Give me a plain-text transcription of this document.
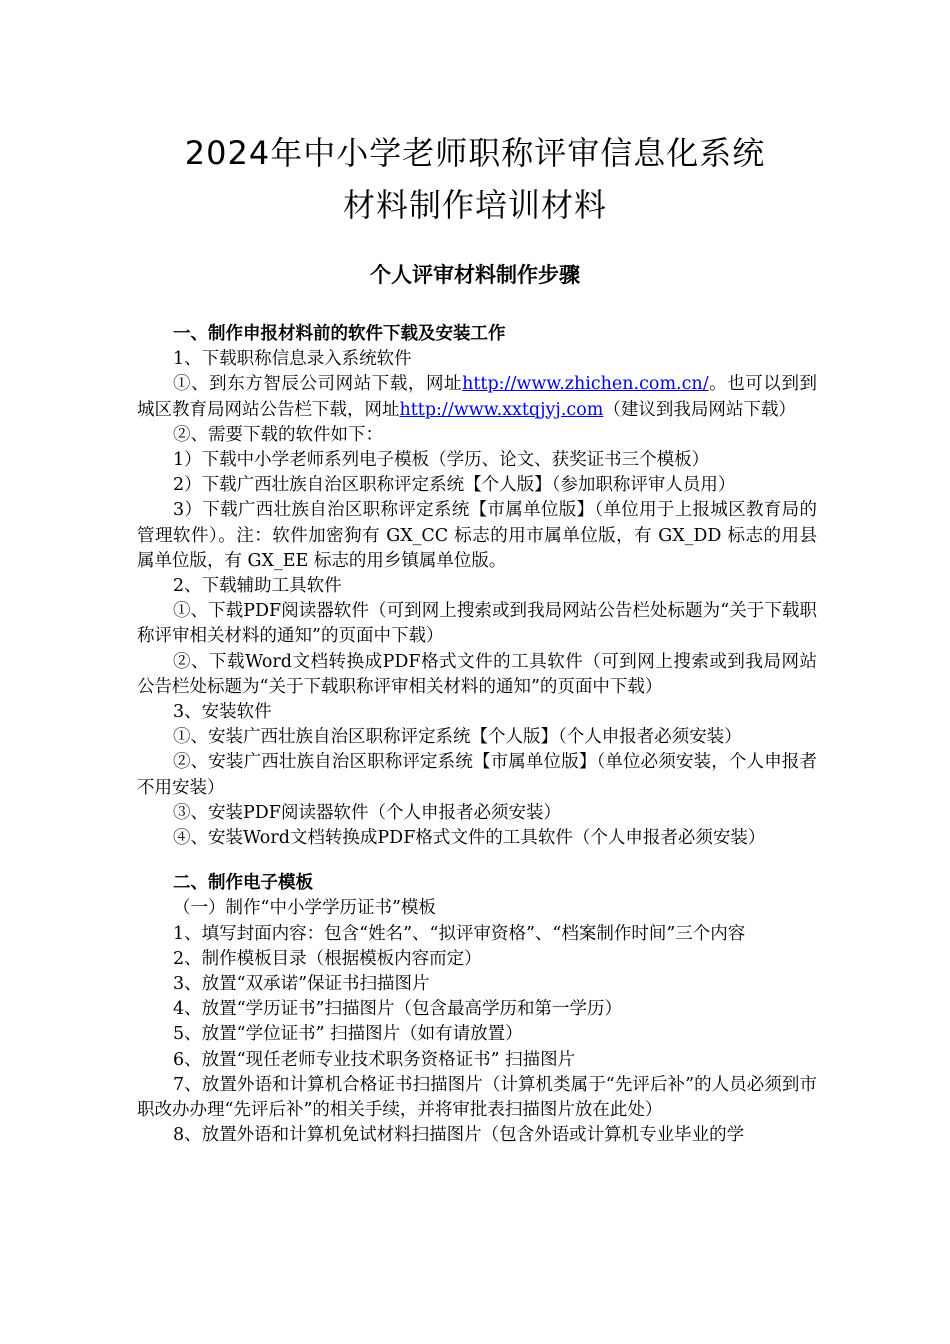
2024年中小学老师职称评审信息化系统
材料制作培训材料
个人评审材料制作步骤

一、制作申报材料前的软件下载及安装工作

1、下载职称信息录入系统软件

①、到东方智辰公司网站下载，网址http://www.zhichen.com.cn/。也可以到到城区教育局网站公告栏下载，网址http://www.xxtqjyj.com（建议到我局网站下载）

②、需要下载的软件如下：

1）下载中小学老师系列电子模板（学历、论文、获奖证书三个模板）

2）下载广西壮族自治区职称评定系统【个人版】（参加职称评审人员用）

3）下载广西壮族自治区职称评定系统【市属单位版】（单位用于上报城区教育局的管理软件）。注：软件加密狗有 GX_CC 标志的用市属单位版，有 GX_DD 标志的用县属单位版，有 GX_EE 标志的用乡镇属单位版。

2、下载辅助工具软件

①、下载PDF阅读器软件（可到网上搜索或到我局网站公告栏处标题为“关于下载职称评审相关材料的通知”的页面中下载）

②、下载Word文档转换成PDF格式文件的工具软件（可到网上搜索或到我局网站公告栏处标题为“关于下载职称评审相关材料的通知”的页面中下载）

3、安装软件

①、安装广西壮族自治区职称评定系统【个人版】（个人申报者必须安装）

②、安装广西壮族自治区职称评定系统【市属单位版】（单位必须安装，个人申报者不用安装）

③、安装PDF阅读器软件（个人申报者必须安装）

④、安装Word文档转换成PDF格式文件的工具软件（个人申报者必须安装）

二、制作电子模板

（一）制作“中小学学历证书”模板

1、填写封面内容：包含“姓名”、“拟评审资格”、“档案制作时间”三个内容

2、制作模板目录（根据模板内容而定）

3、放置“双承诺”保证书扫描图片

4、放置“学历证书”扫描图片（包含最高学历和第一学历）

5、放置“学位证书” 扫描图片（如有请放置）

6、放置“现任老师专业技术职务资格证书” 扫描图片

7、放置外语和计算机合格证书扫描图片（计算机类属于“先评后补”的人员必须到市职改办办理“先评后补”的相关手续，并将审批表扫描图片放在此处）

8、放置外语和计算机免试材料扫描图片（包含外语或计算机专业毕业的学
